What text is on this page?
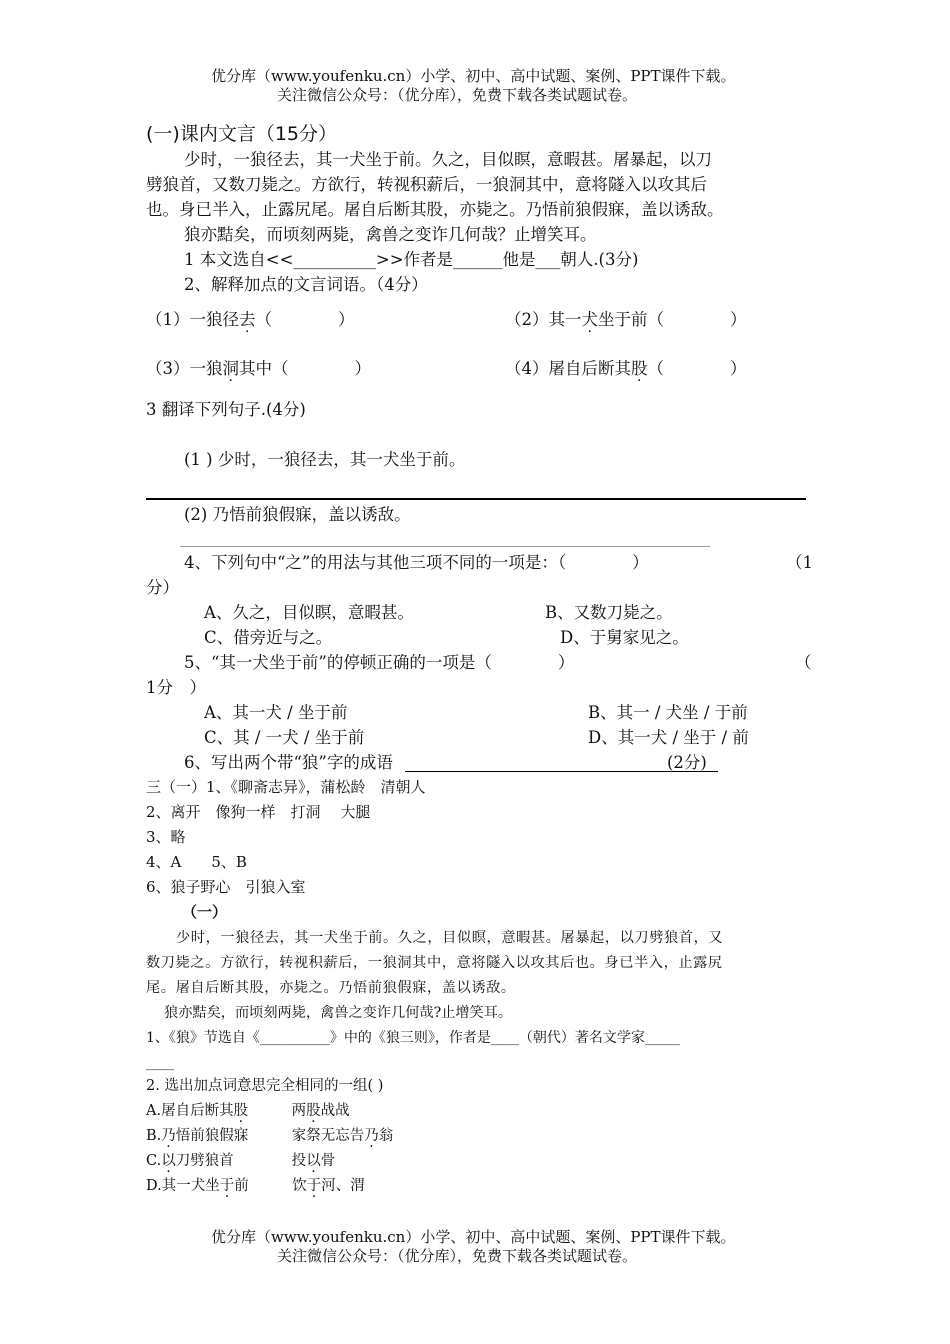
优分库（www.youfenku.cn）小学、初中、高中试题、案例、PPT课件下载。
关注微信公众号：（优分库），免费下载各类试题试卷。
(一)课内文言（15分）
少时，一狼径去，其一犬坐于前。久之，目似瞑，意暇甚。屠暴起，以刀
劈狼首，又数刀毙之。方欲行，转视积薪后，一狼洞其中，意将隧入以攻其后
也。身已半入，止露尻尾。屠自后断其股，亦毙之。乃悟前狼假寐，盖以诱敌。
狼亦黠矣，而顷刻两毙，禽兽之变诈几何哉？止增笑耳。
1 本文选自<<__________>>作者是______他是___朝人.(3分)
2、解释加点的文言词语。（4分）
（1）一狼径去（　　　　）	（2）其一犬坐于前（　　　　）
（3）一狼洞其中（　　　　）	（4）屠自后断其股（　　　　）
3 翻译下列句子.(4分)
(1 ) 少时，一狼径去，其一犬坐于前。
(2) 乃悟前狼假寐，盖以诱敌。
4、下列句中“之”的用法与其他三项不同的一项是：（　　　　）	（1
分）
A、久之，目似瞑，意暇甚。	B、又数刀毙之。
C、借旁近与之。	D、于舅家见之。
5、“其一犬坐于前”的停顿正确的一项是（　　　　）	（
1分　）
A、其一犬 / 坐于前	B、其一 / 犬坐 / 于前
C、其 / 一犬 / 坐于前	D、其一犬 / 坐于 / 前
6、写出两个带“狼”字的成语	(2分)
三（一）1、《聊斋志异》，蒲松龄　清朝人
2、离开　像狗一样　打洞　 大腿
3、略
4、A　　5、B
6、狼子野心　引狼入室
（一）
少时，一狼径去，其一犬坐于前。久之，目似瞑，意暇甚。屠暴起，以刀劈狼首，又
数刀毙之。方欲行，转视积薪后，一狼洞其中，意将隧入以攻其后也。身已半入，止露尻
尾。屠自后断其股，亦毙之。乃悟前狼假寐，盖以诱敌。
狼亦黠矣，而顷刻两毙，禽兽之变诈几何哉?止增笑耳。
1、《狼》节选自《__________》中的《狼三则》，作者是____（朝代）著名文学家_____
____
2. 选出加点词意思完全相同的一组( )
A.屠自后断其股　　　两股战战
B.乃悟前狼假寐　　　家祭无忘告乃翁
C.以刀劈狼首　　　　投以骨
D.其一犬坐于前　　　饮于河、渭
优分库（www.youfenku.cn）小学、初中、高中试题、案例、PPT课件下载。
关注微信公众号：（优分库），免费下载各类试题试卷。
